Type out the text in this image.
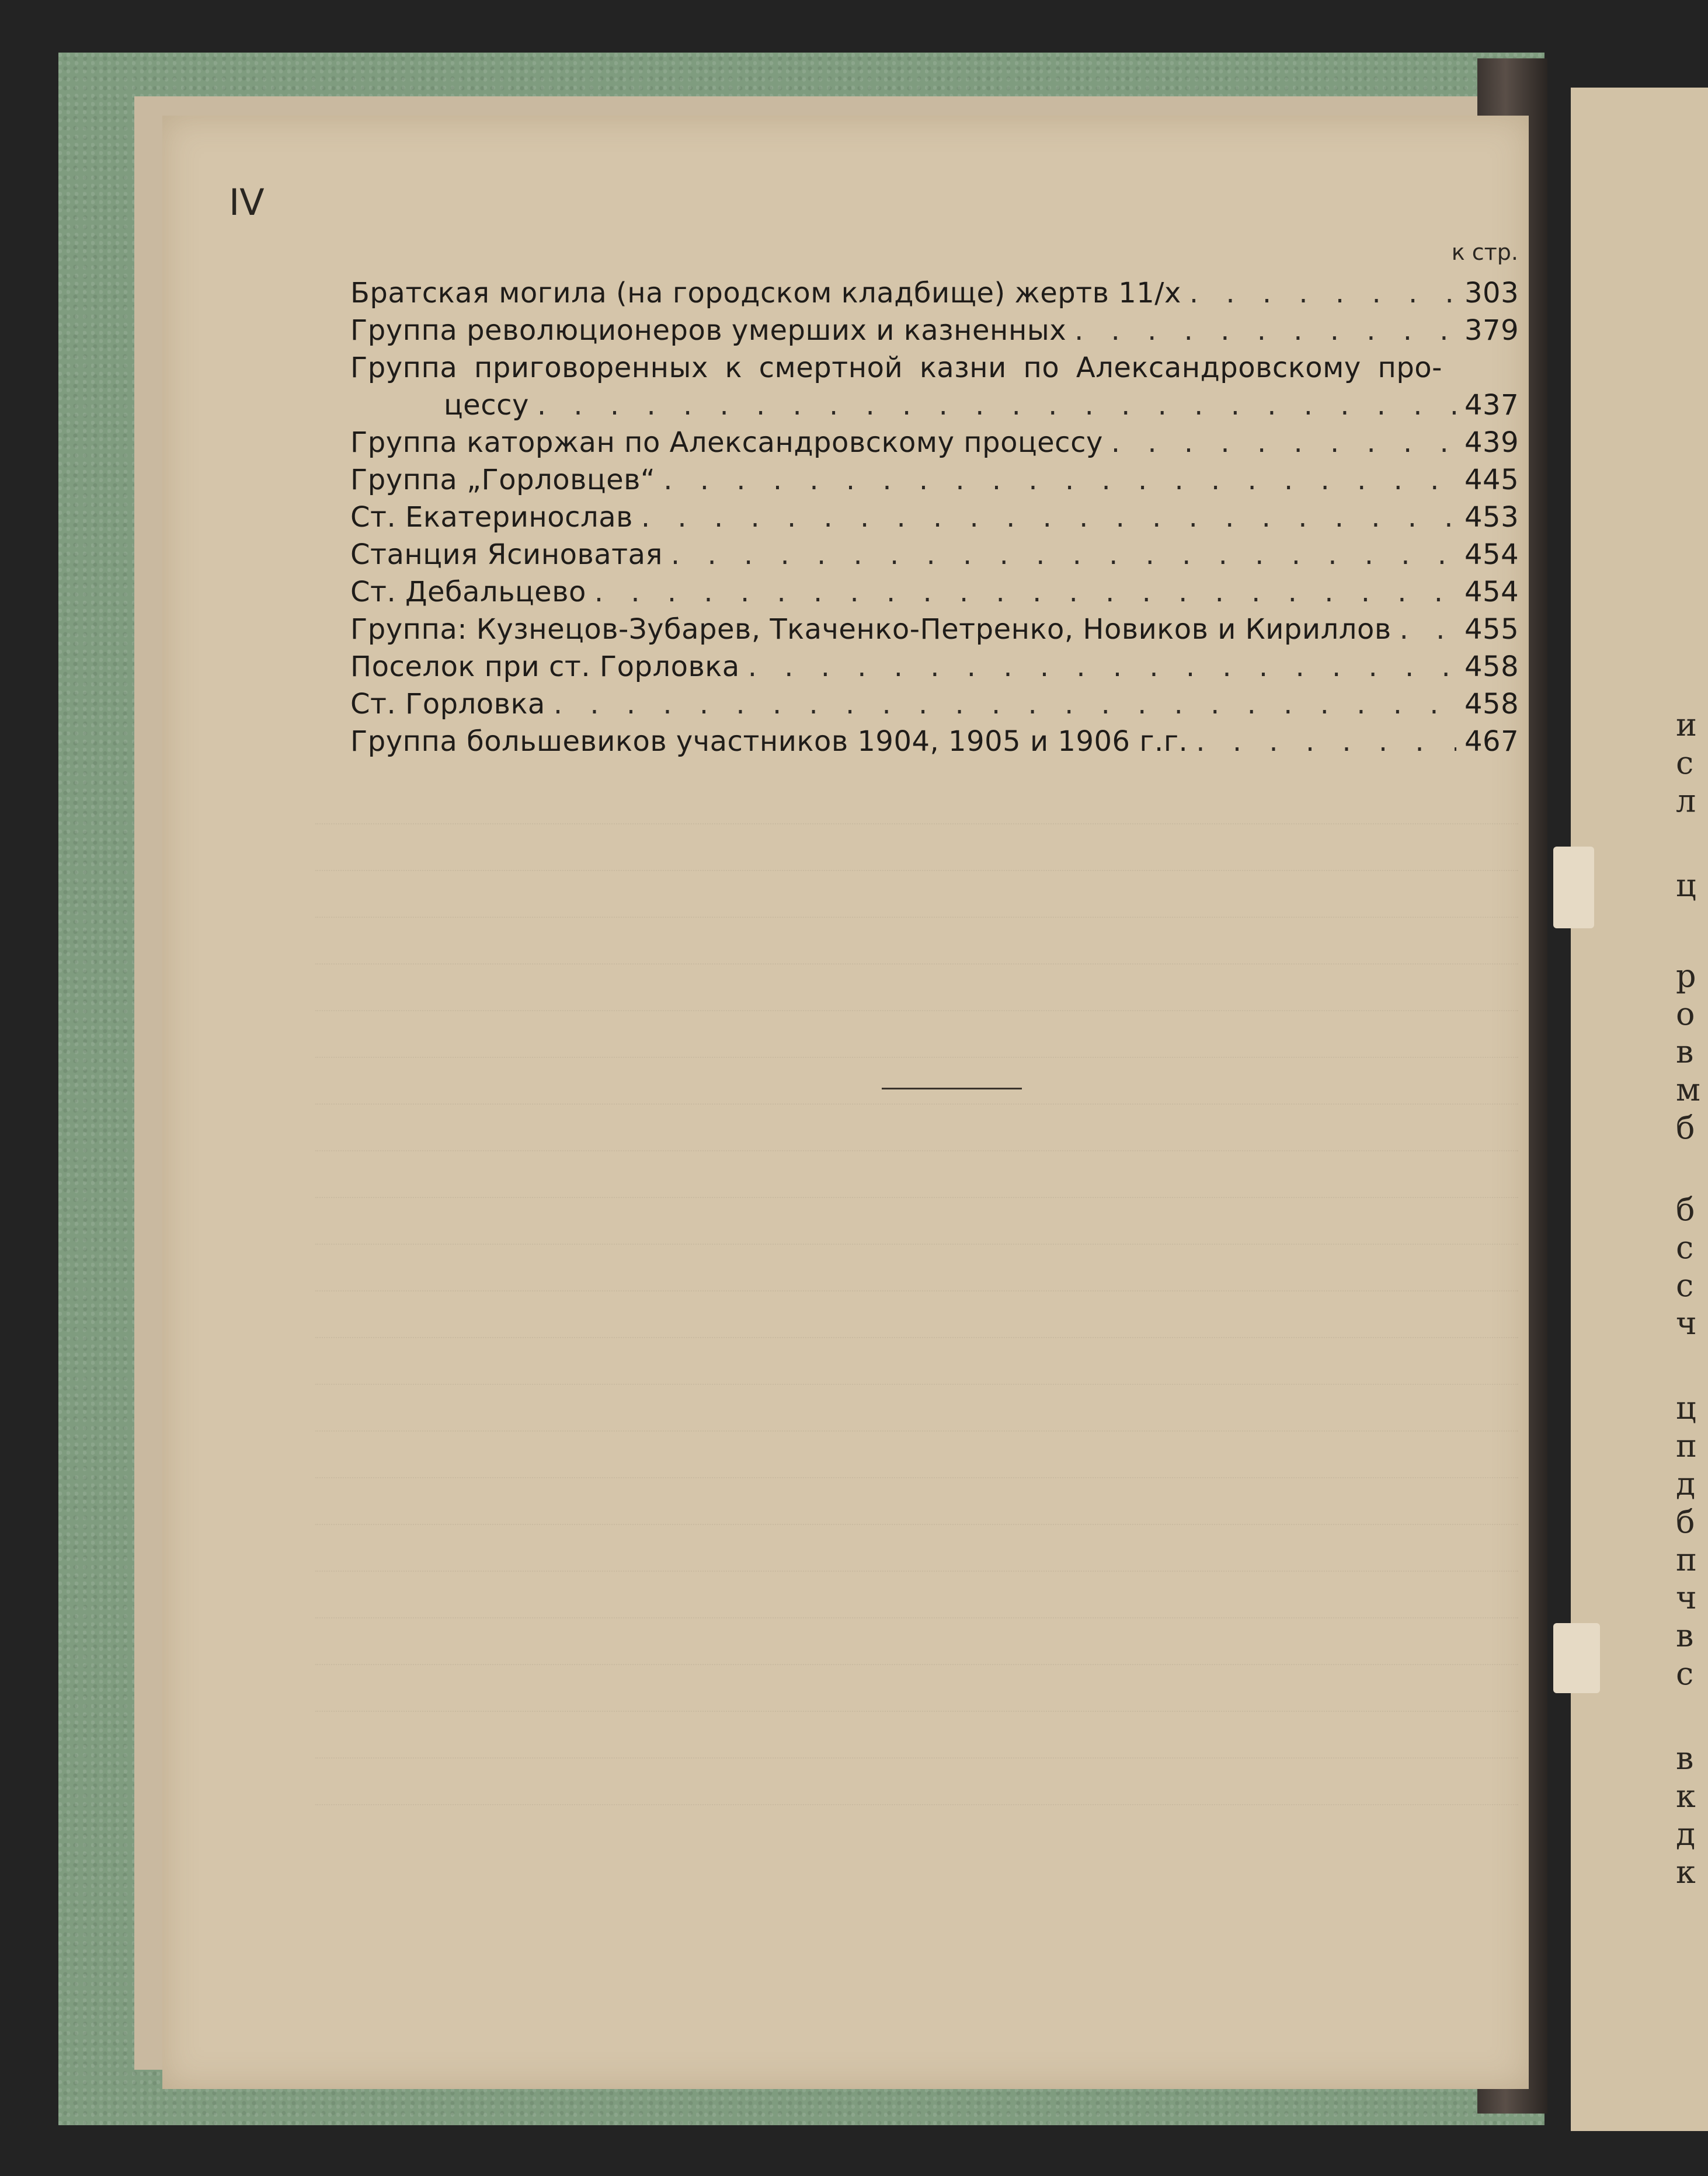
и

с

л

ц

р

о

в

м

б

б

с

с

ч

ц

п

д

б

п

ч

в

с

в

к

д

к

IV

к стр.
Братская могила (на городском кладбище) жертв 11/х . . .	303
Группа революционеров умерших и казненных . . .	379
Группа приговоренных к смертной казни по Александровскому про-
цессу . . .	437
Группа каторжан по Александровскому процессу . . .	439
Группа „Горловцев“ . . .	445
Ст. Екатеринослав . . .	453
Станция Ясиноватая . . .	454
Ст. Дебальцево . . .	454
Группа: Кузнецов-Зубарев, Ткаченко-Петренко, Новиков и Кириллов . . .	455
Поселок при ст. Горловка . . .	458
Ст. Горловка . . .	458
Группа большевиков участников 1904, 1905 и 1906 г.г. . . .	467
